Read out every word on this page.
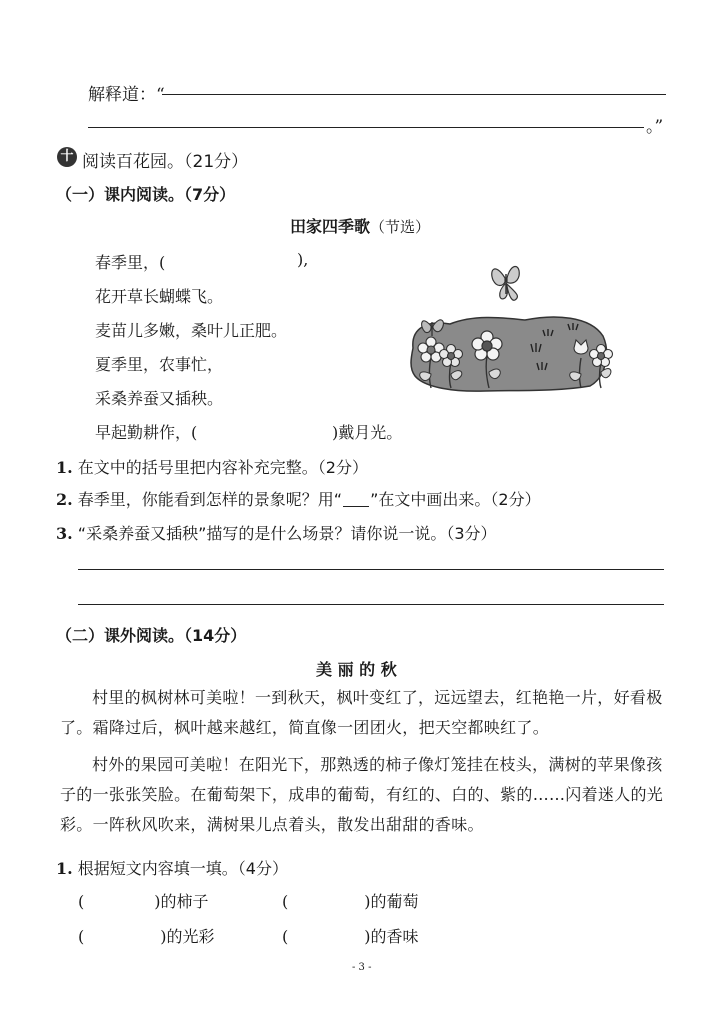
解释道：“
。”
十 阅读百花园。（21分）
（一）课内阅读。（7分）
田家四季歌（节选）
春季里，(	),
花开草长蝴蝶飞。
麦苗儿多嫩，桑叶儿正肥。
夏季里，农事忙，
采桑养蚕又插秧。
早起勤耕作，(	)戴月光。
1. 在文中的括号里把内容补充完整。（2分）
2. 春季里，你能看到怎样的景象呢？用“ ”在文中画出来。（2分）
3. “采桑养蚕又插秧”描写的是什么场景？请你说一说。（3分）
（二）课外阅读。（14分）
美 丽 的 秋
村里的枫树林可美啦！一到秋天，枫叶变红了，远远望去，红艳艳一片，好看极了。霜降过后，枫叶越来越红，简直像一团团火，把天空都映红了。
村外的果园可美啦！在阳光下，那熟透的柿子像灯笼挂在枝头，满树的苹果像孩子的一张张笑脸。在葡萄架下，成串的葡萄，有红的、白的、紫的……闪着迷人的光彩。一阵秋风吹来，满树果儿点着头，散发出甜甜的香味。
1. 根据短文内容填一填。（4分）
(	)的柿子	(	)的葡萄
(	)的光彩	(	)的香味
- 3 -
